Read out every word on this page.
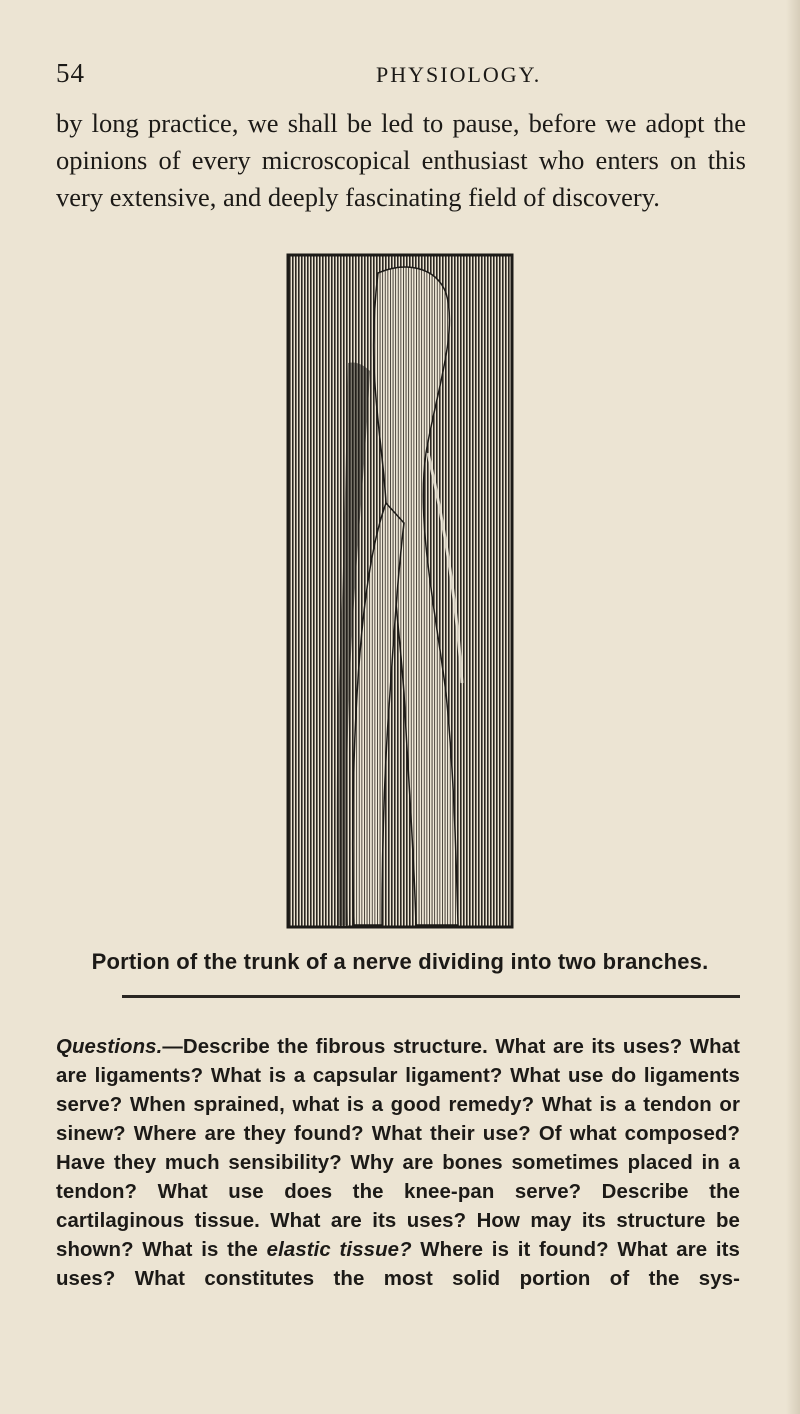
54	PHYSIOLOGY.

by long practice, we shall be led to pause, before we adopt the opinions of every microscopical enthusiast who enters on this very extensive, and deeply fascinating field of discovery.

Portion of the trunk of a nerve dividing into two branches.

Questions.—Describe the fibrous structure. What are its uses? What are ligaments? What is a capsular ligament? What use do ligaments serve? When sprained, what is a good remedy? What is a tendon or sinew? Where are they found? What their use? Of what composed? Have they much sensibility? Why are bones sometimes placed in a tendon? What use does the knee-pan serve? Describe the cartilaginous tissue. What are its uses? How may its structure be shown? What is the elastic tissue? Where is it found? What are its uses? What constitutes the most solid portion of the sys-
